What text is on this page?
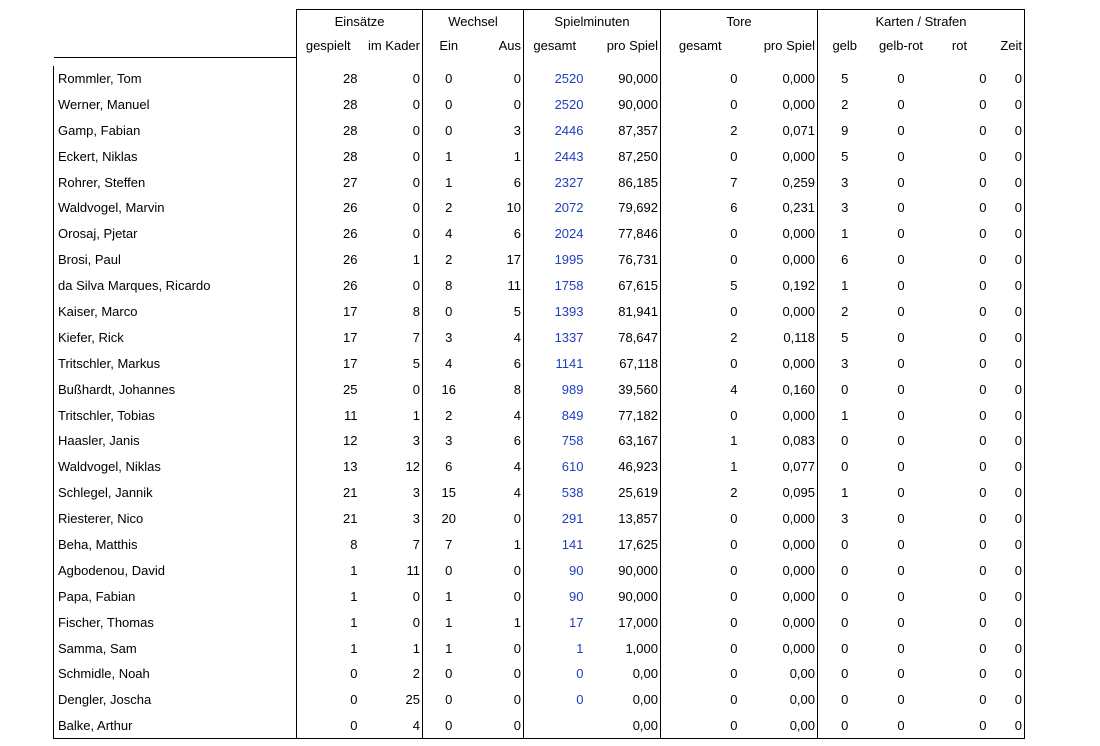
	Einsätze		Wechsel		Spielminuten		Tore		Karten / Strafen			
	gespielt	im Kader	Ein	Aus	gesamt	pro Spiel	gesamt	pro Spiel	gelb	gelb-rot	rot	Zeit

Rommler, Tom	28	0	0	0	2520	90,000	0	0,000	5	0	0	0
Werner, Manuel	28	0	0	0	2520	90,000	0	0,000	2	0	0	0
Gamp, Fabian	28	0	0	3	2446	87,357	2	0,071	9	0	0	0
Eckert, Niklas	28	0	1	1	2443	87,250	0	0,000	5	0	0	0
Rohrer, Steffen	27	0	1	6	2327	86,185	7	0,259	3	0	0	0
Waldvogel, Marvin	26	0	2	10	2072	79,692	6	0,231	3	0	0	0
Orosaj, Pjetar	26	0	4	6	2024	77,846	0	0,000	1	0	0	0
Brosi, Paul	26	1	2	17	1995	76,731	0	0,000	6	0	0	0
da Silva Marques, Ricardo	26	0	8	11	1758	67,615	5	0,192	1	0	0	0
Kaiser, Marco	17	8	0	5	1393	81,941	0	0,000	2	0	0	0
Kiefer, Rick	17	7	3	4	1337	78,647	2	0,118	5	0	0	0
Tritschler, Markus	17	5	4	6	1141	67,118	0	0,000	3	0	0	0
Bußhardt, Johannes	25	0	16	8	989	39,560	4	0,160	0	0	0	0
Tritschler, Tobias	11	1	2	4	849	77,182	0	0,000	1	0	0	0
Haasler, Janis	12	3	3	6	758	63,167	1	0,083	0	0	0	0
Waldvogel, Niklas	13	12	6	4	610	46,923	1	0,077	0	0	0	0
Schlegel, Jannik	21	3	15	4	538	25,619	2	0,095	1	0	0	0
Riesterer, Nico	21	3	20	0	291	13,857	0	0,000	3	0	0	0
Beha, Matthis	8	7	7	1	141	17,625	0	0,000	0	0	0	0
Agbodenou, David	1	11	0	0	90	90,000	0	0,000	0	0	0	0
Papa, Fabian	1	0	1	0	90	90,000	0	0,000	0	0	0	0
Fischer, Thomas	1	0	1	1	17	17,000	0	0,000	0	0	0	0
Samma, Sam	1	1	1	0	1	1,000	0	0,000	0	0	0	0
Schmidle, Noah	0	2	0	0	0	0,00	0	0,00	0	0	0	0
Dengler, Joscha	0	25	0	0	0	0,00	0	0,00	0	0	0	0
Balke, Arthur	0	4	0	0		0,00	0	0,00	0	0	0	0
